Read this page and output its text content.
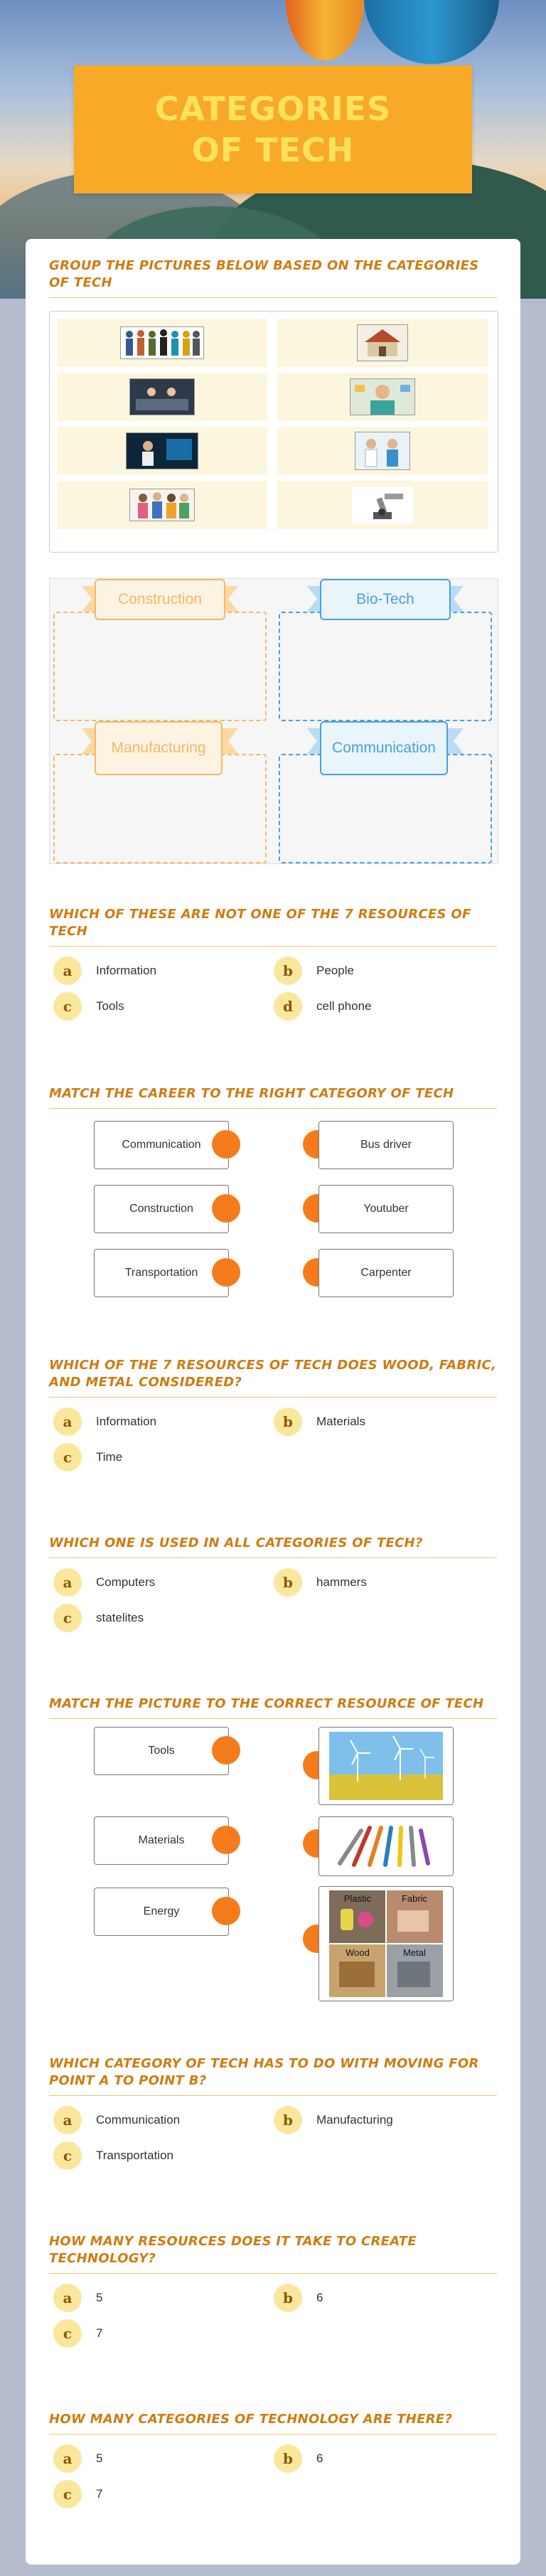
CATEGORIES OF TECH
GROUP THE PICTURES BELOW BASED ON THE CATEGORIES OF TECH
Construction	Bio-Tech
Manufacturing	Communication
WHICH OF THESE ARE NOT ONE OF THE 7 RESOURCES OF TECH
a	Information	b	People
c	Tools	d	cell phone
MATCH THE CAREER TO THE RIGHT CATEGORY OF TECH
Communication
Construction
Transportation
Bus driver
Youtuber
Carpenter
WHICH OF THE 7 RESOURCES OF TECH DOES WOOD, FABRIC, AND METAL CONSIDERED?
a	Information	b	Materials
c	Time
WHICH ONE IS USED IN ALL CATEGORIES OF TECH?
a	Computers	b	hammers
c	statelites
MATCH THE PICTURE TO THE CORRECT RESOURCE OF TECH
Tools
Materials
Energy
Plastic	Fabric
Wood	Metal
WHICH CATEGORY OF TECH HAS TO DO WITH MOVING FOR POINT A TO POINT B?
a	Communication	b	Manufacturing
c	Transportation
HOW MANY RESOURCES DOES IT TAKE TO CREATE TECHNOLOGY?
a	5	b	6
c	7
HOW MANY CATEGORIES OF TECHNOLOGY ARE THERE?
a	5	b	6
c	7
